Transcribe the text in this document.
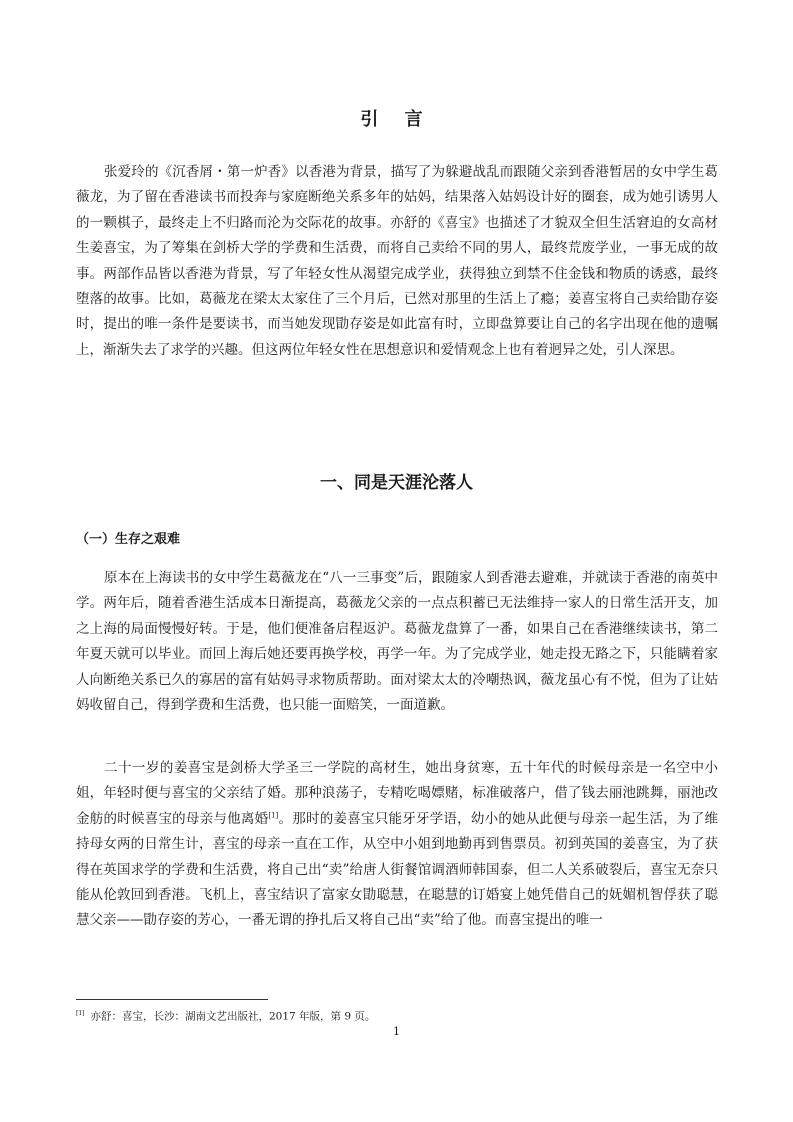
引 言

张爱玲的《沉香屑・第一炉香》以香港为背景，描写了为躲避战乱而跟随父亲到香港暂居的女中学生葛薇龙，为了留在香港读书而投奔与家庭断绝关系多年的姑妈，结果落入姑妈设计好的圈套，成为她引诱男人的一颗棋子，最终走上不归路而沦为交际花的故事。亦舒的《喜宝》也描述了才貌双全但生活窘迫的女高材生姜喜宝，为了筹集在剑桥大学的学费和生活费，而将自己卖给不同的男人，最终荒废学业，一事无成的故事。两部作品皆以香港为背景，写了年轻女性从渴望完成学业，获得独立到禁不住金钱和物质的诱惑，最终堕落的故事。比如，葛薇龙在梁太太家住了三个月后，已然对那里的生活上了瘾；姜喜宝将自己卖给勖存姿时，提出的唯一条件是要读书，而当她发现勖存姿是如此富有时，立即盘算要让自己的名字出现在他的遗嘱上，渐渐失去了求学的兴趣。但这两位年轻女性在思想意识和爱情观念上也有着迥异之处，引人深思。

一、同是天涯沦落人
（一）生存之艰难

原本在上海读书的女中学生葛薇龙在“八一三事变”后，跟随家人到香港去避难，并就读于香港的南英中学。两年后，随着香港生活成本日渐提高，葛薇龙父亲的一点点积蓄已无法维持一家人的日常生活开支，加之上海的局面慢慢好转。于是，他们便准备启程返沪。葛薇龙盘算了一番，如果自己在香港继续读书，第二年夏天就可以毕业。而回上海后她还要再换学校，再学一年。为了完成学业，她走投无路之下，只能瞒着家人向断绝关系已久的寡居的富有姑妈寻求物质帮助。面对梁太太的冷嘲热讽，薇龙虽心有不悦，但为了让姑妈收留自己，得到学费和生活费，也只能一面赔笑，一面道歉。

二十一岁的姜喜宝是剑桥大学圣三一学院的高材生，她出身贫寒，五十年代的时候母亲是一名空中小姐，年轻时便与喜宝的父亲结了婚。那种浪荡子，专精吃喝嫖赌，标准破落户，借了钱去丽池跳舞，丽池改金舫的时候喜宝的母亲与他离婚[1]。那时的姜喜宝只能牙牙学语，幼小的她从此便与母亲一起生活，为了维持母女两的日常生计，喜宝的母亲一直在工作，从空中小姐到地勤再到售票员。初到英国的姜喜宝，为了获得在英国求学的学费和生活费，将自己出“卖”给唐人街餐馆调酒师韩国泰，但二人关系破裂后，喜宝无奈只能从伦敦回到香港。飞机上，喜宝结识了富家女勖聪慧，在聪慧的订婚宴上她凭借自己的妩媚机智俘获了聪慧父亲——勖存姿的芳心，一番无谓的挣扎后又将自己出“卖”给了他。而喜宝提出的唯一

[1] 亦舒：喜宝，长沙：湖南文艺出版社，2017 年版，第 9 页。
1
